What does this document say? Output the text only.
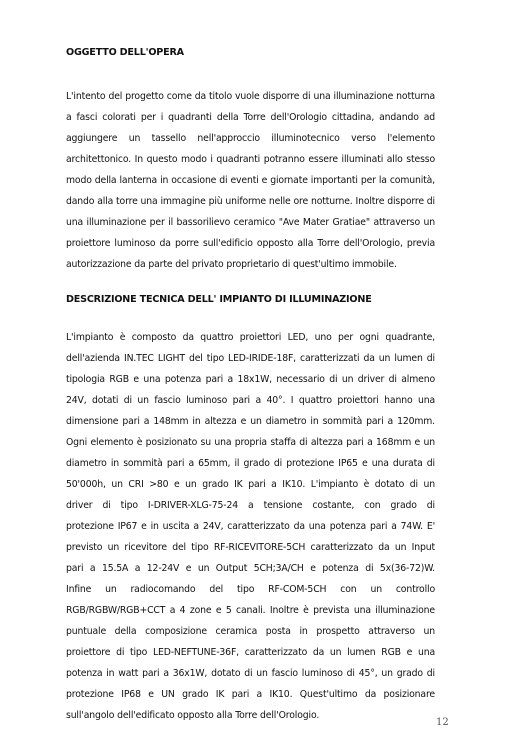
OGGETTO DELL'OPERA
L'intento del progetto come da titolo vuole disporre di una illuminazione notturna
a fasci colorati per i quadranti della Torre dell'Orologio cittadina, andando ad
aggiungere un tassello nell'approccio illuminotecnico verso l'elemento
architettonico. In questo modo i quadranti potranno essere illuminati allo stesso
modo della lanterna in occasione di eventi e giornate importanti per la comunità,
dando alla torre una immagine più uniforme nelle ore notturne. Inoltre disporre di
una illuminazione per il bassorilievo ceramico "Ave Mater Gratiae" attraverso un
proiettore luminoso da porre sull'edificio opposto alla Torre dell'Orologio, previa
autorizzazione da parte del privato proprietario di quest'ultimo immobile.
DESCRIZIONE TECNICA DELL' IMPIANTO DI ILLUMINAZIONE
L'impianto è composto da quattro proiettori LED, uno per ogni quadrante,
dell'azienda IN.TEC LIGHT del tipo LED-IRIDE-18F, caratterizzati da un lumen di
tipologia RGB e una potenza pari a 18x1W, necessario di un driver di almeno
24V, dotati di un fascio luminoso pari a 40°. I quattro proiettori hanno una
dimensione pari a 148mm in altezza e un diametro in sommità pari a 120mm.
Ogni elemento è posizionato su una propria staffa di altezza pari a 168mm e un
diametro in sommità pari a 65mm, il grado di protezione IP65 e una durata di
50'000h, un CRI >80 e un grado IK pari a IK10. L'impianto è dotato di un
driver di tipo I-DRIVER-XLG-75-24 a tensione costante, con grado di
protezione IP67 e in uscita a 24V, caratterizzato da una potenza pari a 74W. E'
previsto un ricevitore del tipo RF-RICEVITORE-5CH caratterizzato da un Input
pari a 15.5A a 12-24V e un Output 5CH;3A/CH e potenza di 5x(36-72)W.
Infine un radiocomando del tipo RF-COM-5CH con un controllo
RGB/RGBW/RGB+CCT a 4 zone e 5 canali. Inoltre è prevista una illuminazione
puntuale della composizione ceramica posta in prospetto attraverso un
proiettore di tipo LED-NEFTUNE-36F, caratterizzato da un lumen RGB e una
potenza in watt pari a 36x1W, dotato di un fascio luminoso di 45°, un grado di
protezione IP68 e UN grado IK pari a IK10. Quest'ultimo da posizionare
sull'angolo dell'edificato opposto alla Torre dell'Orologio.
12
